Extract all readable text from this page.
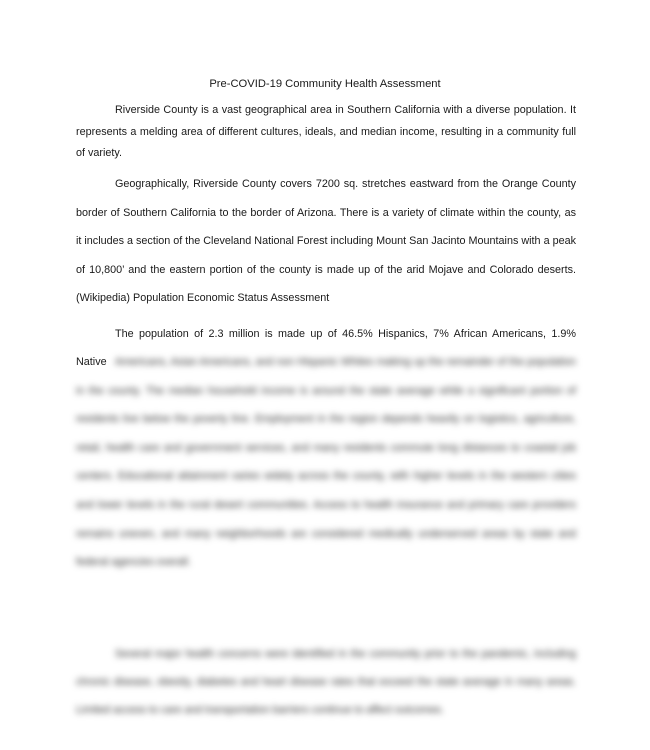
Pre-COVID-19 Community Health Assessment

Riverside County is a vast geographical area in Southern California with a diverse population. It represents a melding area of different cultures, ideals, and median income, resulting in a community full of variety.

Geographically, Riverside County covers 7200 sq. stretches eastward from the Orange County border of Southern California to the border of Arizona. There is a variety of climate within the county, as it includes a section of the Cleveland National Forest including Mount San Jacinto Mountains with a peak of 10,800’ and the eastern portion of the county is made up of the arid Mojave and Colorado deserts. (Wikipedia) Population Economic Status Assessment

The population of 2.3 million is made up of 46.5% Hispanics, 7% African Americans, 1.9% Native Americans, Asian Americans, and non Hispanic Whites making up the remainder of the population in the county. The median household income is around the state average while a significant portion of residents live below the poverty line. Employment in the region depends heavily on logistics, agriculture, retail, health care and government services, and many residents commute long distances to coastal job centers. Educational attainment varies widely across the county, with higher levels in the western cities and lower levels in the rural desert communities. Access to health insurance and primary care providers remains uneven, and many neighborhoods are considered medically underserved areas by state and federal agencies overall.

Several major health concerns were identified in the community prior to the pandemic, including chronic disease, obesity, diabetes and heart disease rates that exceed the state average in many areas. Limited access to care and transportation barriers continue to affect outcomes.
